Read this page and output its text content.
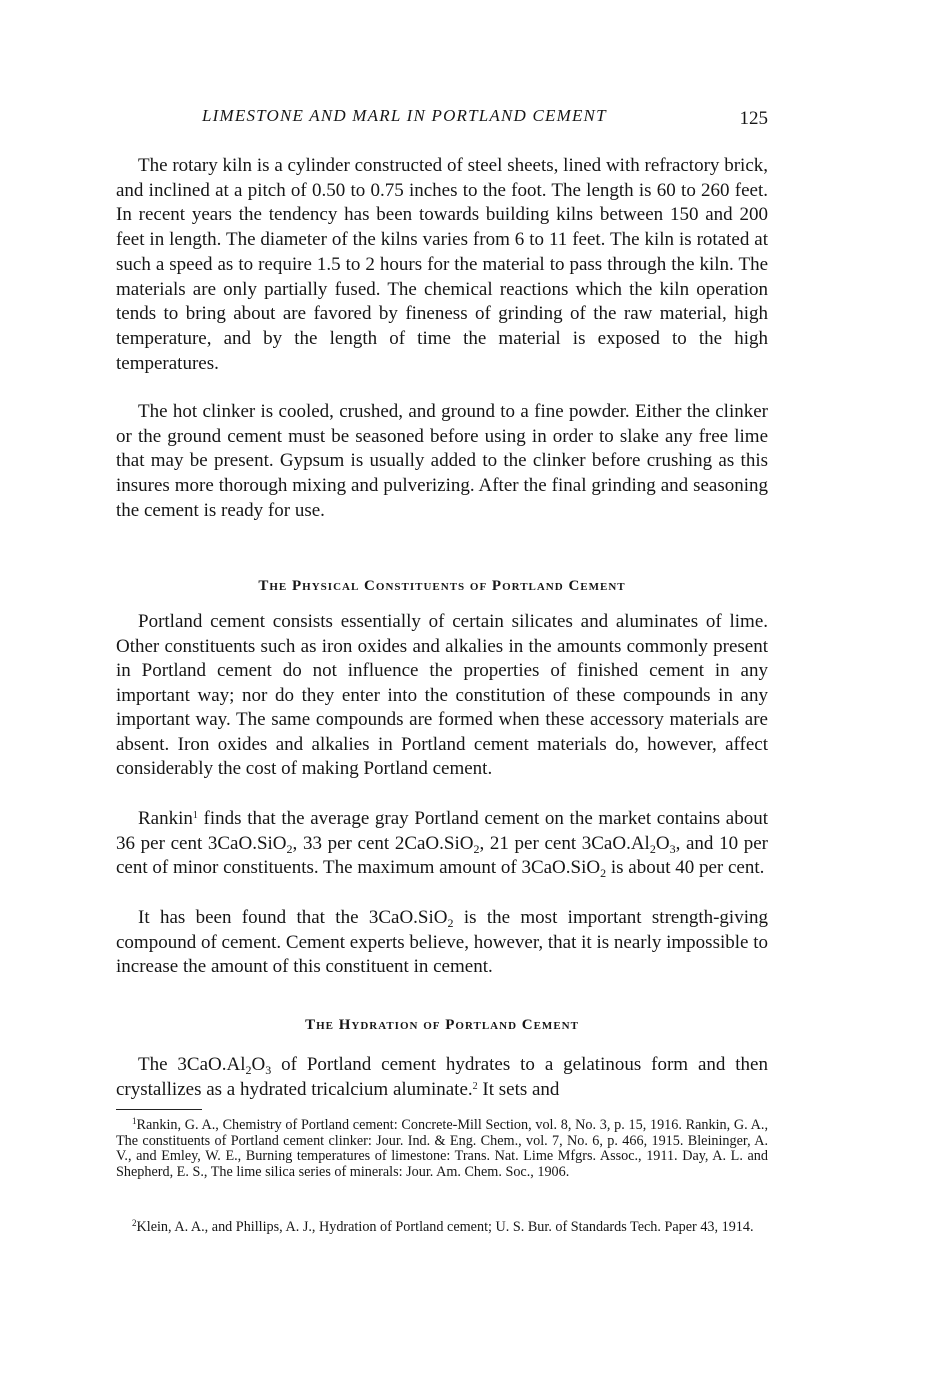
LIMESTONE AND MARL IN PORTLAND CEMENT	125

The rotary kiln is a cylinder constructed of steel sheets, lined with refractory brick, and inclined at a pitch of 0.50 to 0.75 inches to the foot. The length is 60 to 260 feet. In recent years the tendency has been towards building kilns between 150 and 200 feet in length. The diameter of the kilns varies from 6 to 11 feet. The kiln is rotated at such a speed as to require 1.5 to 2 hours for the material to pass through the kiln. The materials are only partially fused. The chemical reactions which the kiln operation tends to bring about are favored by fineness of grinding of the raw material, high temperature, and by the length of time the material is exposed to the high temperatures.

The hot clinker is cooled, crushed, and ground to a fine powder. Either the clinker or the ground cement must be seasoned before using in order to slake any free lime that may be present. Gypsum is usually added to the clinker before crushing as this insures more thorough mixing and pulverizing. After the final grinding and seasoning the cement is ready for use.

The Physical Constituents of Portland Cement

Portland cement consists essentially of certain silicates and aluminates of lime. Other constituents such as iron oxides and alkalies in the amounts commonly present in Portland cement do not influence the properties of finished cement in any important way; nor do they enter into the constitution of these compounds in any important way. The same compounds are formed when these accessory materials are absent. Iron oxides and alkalies in Portland cement materials do, however, affect considerably the cost of making Portland cement.

Rankin$^1$ finds that the average gray Portland cement on the market contains about 36 per cent 3CaO.SiO$_2$, 33 per cent 2CaO.SiO$_2$, 21 per cent $3CaO.Al_2O_3$, and 10 per cent of minor constituents. The maximum amount of 3CaO.SiO$_2$ is about 40 per cent.

It has been found that the 3CaO.SiO$_2$ is the most important strength-giving compound of cement. Cement experts believe, however, that it is nearly impossible to increase the amount of this constituent in cement.

The Hydration of Portland Cement

The $3CaO.Al_2O_3$ of Portland cement hydrates to a gelatinous form and then crystallizes as a hydrated tricalcium aluminate.$^2$ It sets and

$^1$Rankin, G. A., Chemistry of Portland cement: Concrete-Mill Section, vol. 8, No. 3, p. 15, 1916. Rankin, G. A., The constituents of Portland cement clinker: Jour. Ind. & Eng. Chem., vol. 7, No. 6, p. 466, 1915. Bleininger, A. V., and Emley, W. E., Burning temperatures of limestone: Trans. Nat. Lime Mfgrs. Assoc., 1911. Day, A. L. and Shepherd, E. S., The lime silica series of minerals: Jour. Am. Chem. Soc., 1906.

$^2$Klein, A. A., and Phillips, A. J., Hydration of Portland cement; U. S. Bur. of Standards Tech. Paper 43, 1914.
